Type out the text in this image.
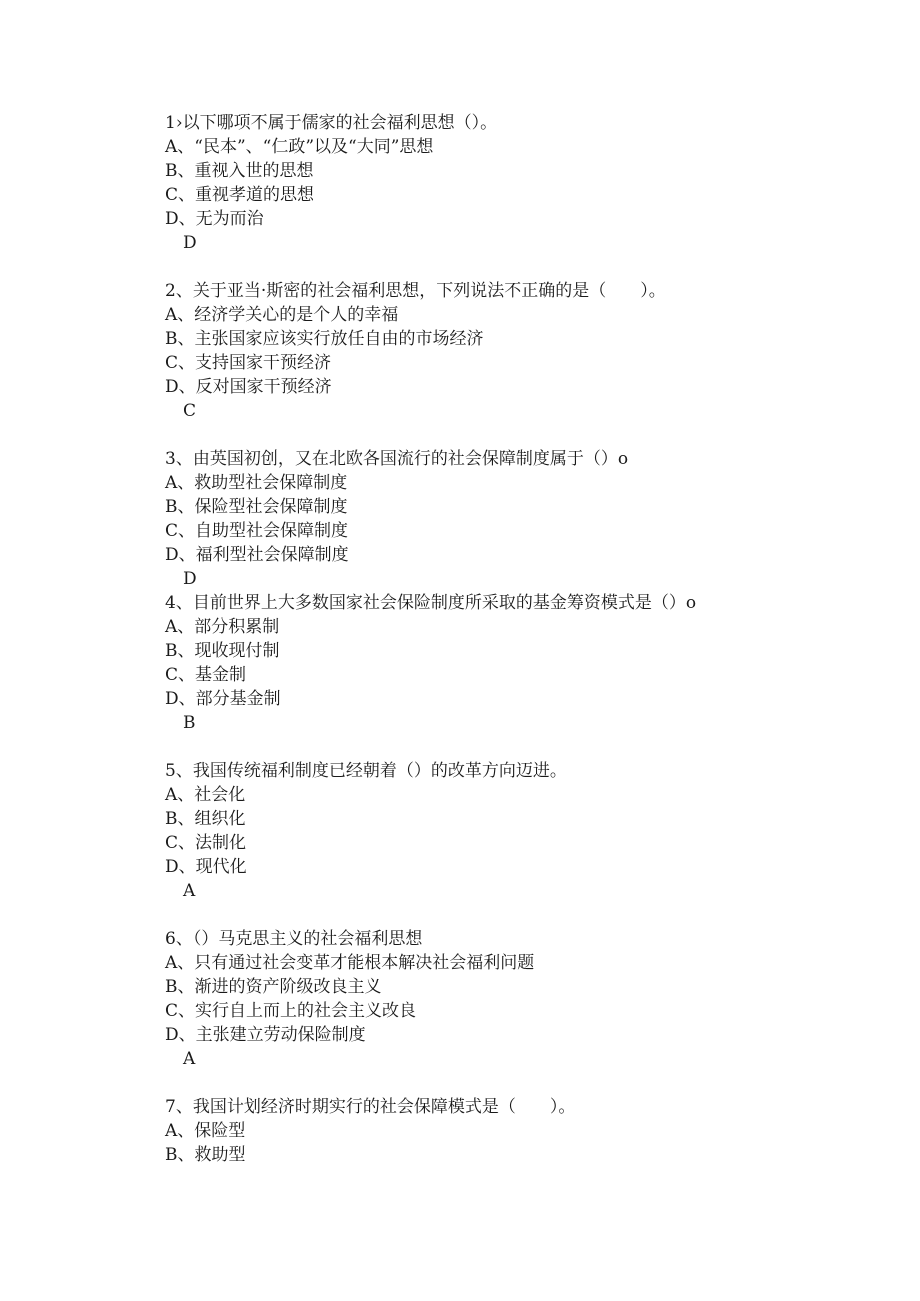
1›以下哪项不属于儒家的社会福利思想（）。
A、“民本”、“仁政”以及“大同”思想
B、重视入世的思想
C、重视孝道的思想
D、无为而治
D
2、关于亚当·斯密的社会福利思想，下列说法不正确的是（　　）。
A、经济学关心的是个人的幸福
B、主张国家应该实行放任自由的市场经济
C、支持国家干预经济
D、反对国家干预经济
C
3、由英国初创，又在北欧各国流行的社会保障制度属于（）o
A、救助型社会保障制度
B、保险型社会保障制度
C、自助型社会保障制度
D、福利型社会保障制度
D
4、目前世界上大多数国家社会保险制度所采取的基金筹资模式是（）o
A、部分积累制
B、现收现付制
C、基金制
D、部分基金制
B
5、我国传统福利制度已经朝着（）的改革方向迈进。
A、社会化
B、组织化
C、法制化
D、现代化
A
6、（）马克思主义的社会福利思想
A、只有通过社会变革才能根本解决社会福利问题
B、渐进的资产阶级改良主义
C、实行自上而上的社会主义改良
D、主张建立劳动保险制度
A
7、我国计划经济时期实行的社会保障模式是（　　）。
A、保险型
B、救助型
